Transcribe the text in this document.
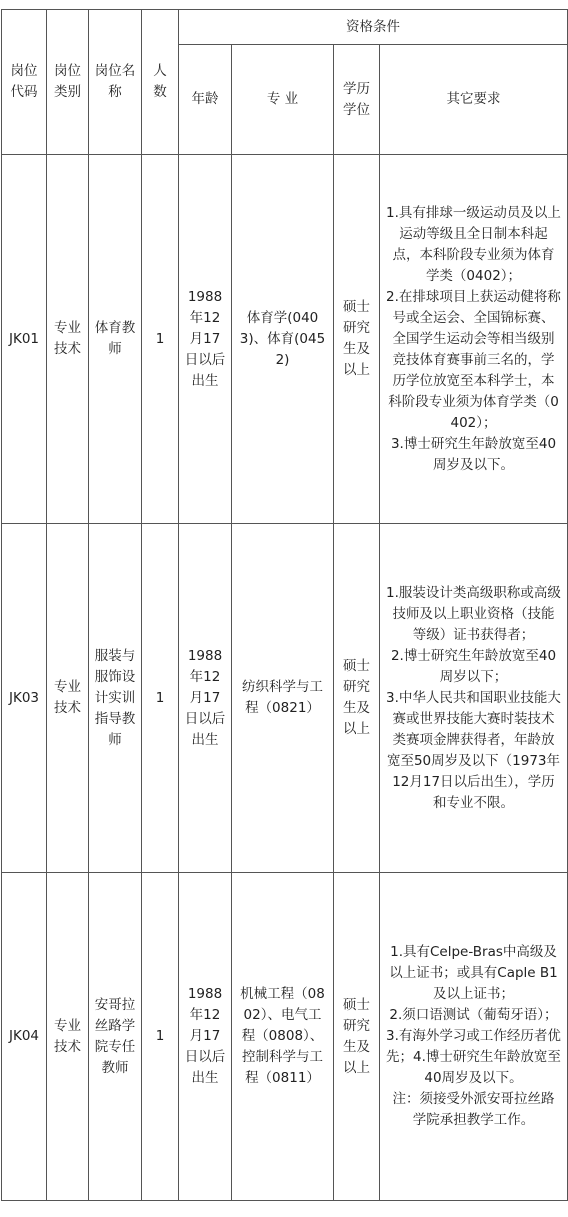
岗位代码	岗位类别	岗位名称	人数	资格条件			
				年龄	专 业	学历学位	其它要求
JK01	专业技术	体育教师	1	1988年12月17日以后出生	体育学(0403)、体育(0452)	硕士研究生及以上	1.具有排球一级运动员及以上运动等级且全日制本科起点，本科阶段专业须为体育学类（0402）；
2.在排球项目上获运动健将称号或全运会、全国锦标赛、全国学生运动会等相当级别竞技体育赛事前三名的，学历学位放宽至本科学士，本科阶段专业须为体育学类（0402）；
3.博士研究生年龄放宽至40周岁及以下。

JK03	专业技术	服装与服饰设计实训指导教师	1	1988年12月17日以后出生	纺织科学与工程（0821）	硕士研究生及以上	1.服装设计类高级职称或高级技师及以上职业资格（技能等级）证书获得者；
2.博士研究生年龄放宽至40周岁以下；
3.中华人民共和国职业技能大赛或世界技能大赛时装技术类赛项金牌获得者，年龄放宽至50周岁及以下（1973年12月17日以后出生），学历和专业不限。

JK04	专业技术	安哥拉丝路学院专任教师	1	1988年12月17日以后出生	机械工程（0802）、电气工程（0808）、控制科学与工程（0811）	硕士研究生及以上	1.具有Celpe-Bras中高级及以上证书；或具有Caple B1及以上证书；
2.须口语测试（葡萄牙语）；
3.有海外学习或工作经历者优先；4.博士研究生年龄放宽至40周岁及以下。
注：须接受外派安哥拉丝路学院承担教学工作。
